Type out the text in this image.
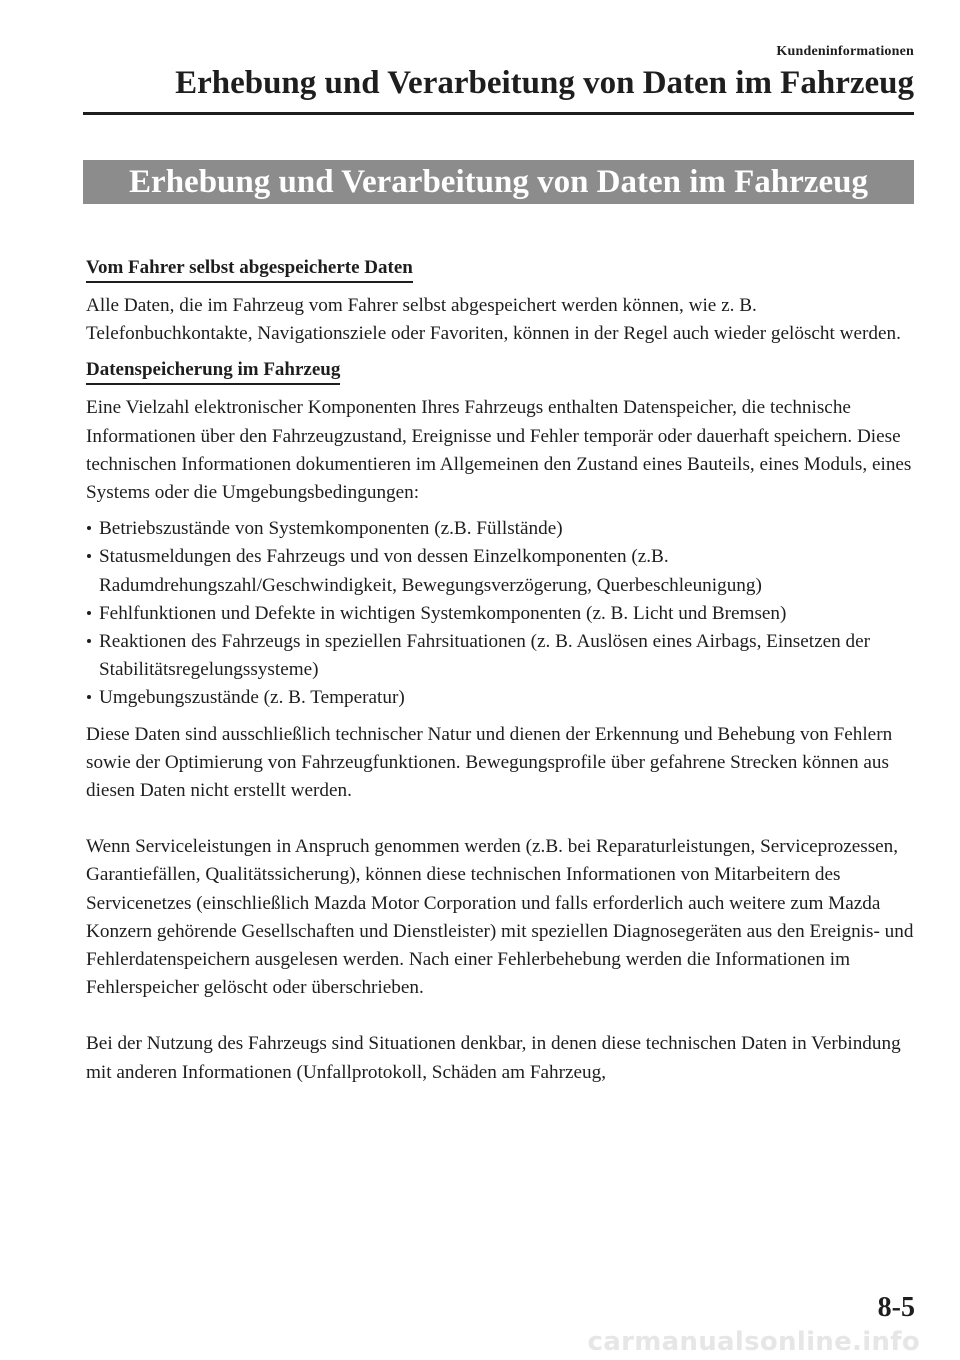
Kundeninformationen
Erhebung und Verarbeitung von Daten im Fahrzeug
Erhebung und Verarbeitung von Daten im Fahrzeug
Vom Fahrer selbst abgespeicherte Daten

Alle Daten, die im Fahrzeug vom Fahrer selbst abgespeichert werden können, wie z. B. Telefonbuchkontakte, Navigationsziele oder Favoriten, können in der Regel auch wieder gelöscht werden.

Datenspeicherung im Fahrzeug

Eine Vielzahl elektronischer Komponenten Ihres Fahrzeugs enthalten Datenspeicher, die technische Informationen über den Fahrzeugzustand, Ereignisse und Fehler temporär oder dauerhaft speichern. Diese technischen Informationen dokumentieren im Allgemeinen den Zustand eines Bauteils, eines Moduls, eines Systems oder die Umgebungsbedingungen:

Betriebszustände von Systemkomponenten (z.B. Füllstände)
Statusmeldungen des Fahrzeugs und von dessen Einzelkomponenten (z.B. Radumdrehungszahl/Geschwindigkeit, Bewegungsverzögerung, Querbeschleunigung)
Fehlfunktionen und Defekte in wichtigen Systemkomponenten (z. B. Licht und Bremsen)
Reaktionen des Fahrzeugs in speziellen Fahrsituationen (z. B. Auslösen eines Airbags, Einsetzen der Stabilitätsregelungssysteme)
Umgebungszustände (z. B. Temperatur)

Diese Daten sind ausschließlich technischer Natur und dienen der Erkennung und Behebung von Fehlern sowie der Optimierung von Fahrzeugfunktionen. Bewegungsprofile über gefahrene Strecken können aus diesen Daten nicht erstellt werden.

Wenn Serviceleistungen in Anspruch genommen werden (z.B. bei Reparaturleistungen, Serviceprozessen, Garantiefällen, Qualitätssicherung), können diese technischen Informationen von Mitarbeitern des Servicenetzes (einschließlich Mazda Motor Corporation und falls erforderlich auch weitere zum Mazda Konzern gehörende Gesellschaften und Dienstleister) mit speziellen Diagnosegeräten aus den Ereignis- und Fehlerdatenspeichern ausgelesen werden. Nach einer Fehlerbehebung werden die Informationen im Fehlerspeicher gelöscht oder überschrieben.

Bei der Nutzung des Fahrzeugs sind Situationen denkbar, in denen diese technischen Daten in Verbindung mit anderen Informationen (Unfallprotokoll, Schäden am Fahrzeug,

8-5
carmanualsonline.info
